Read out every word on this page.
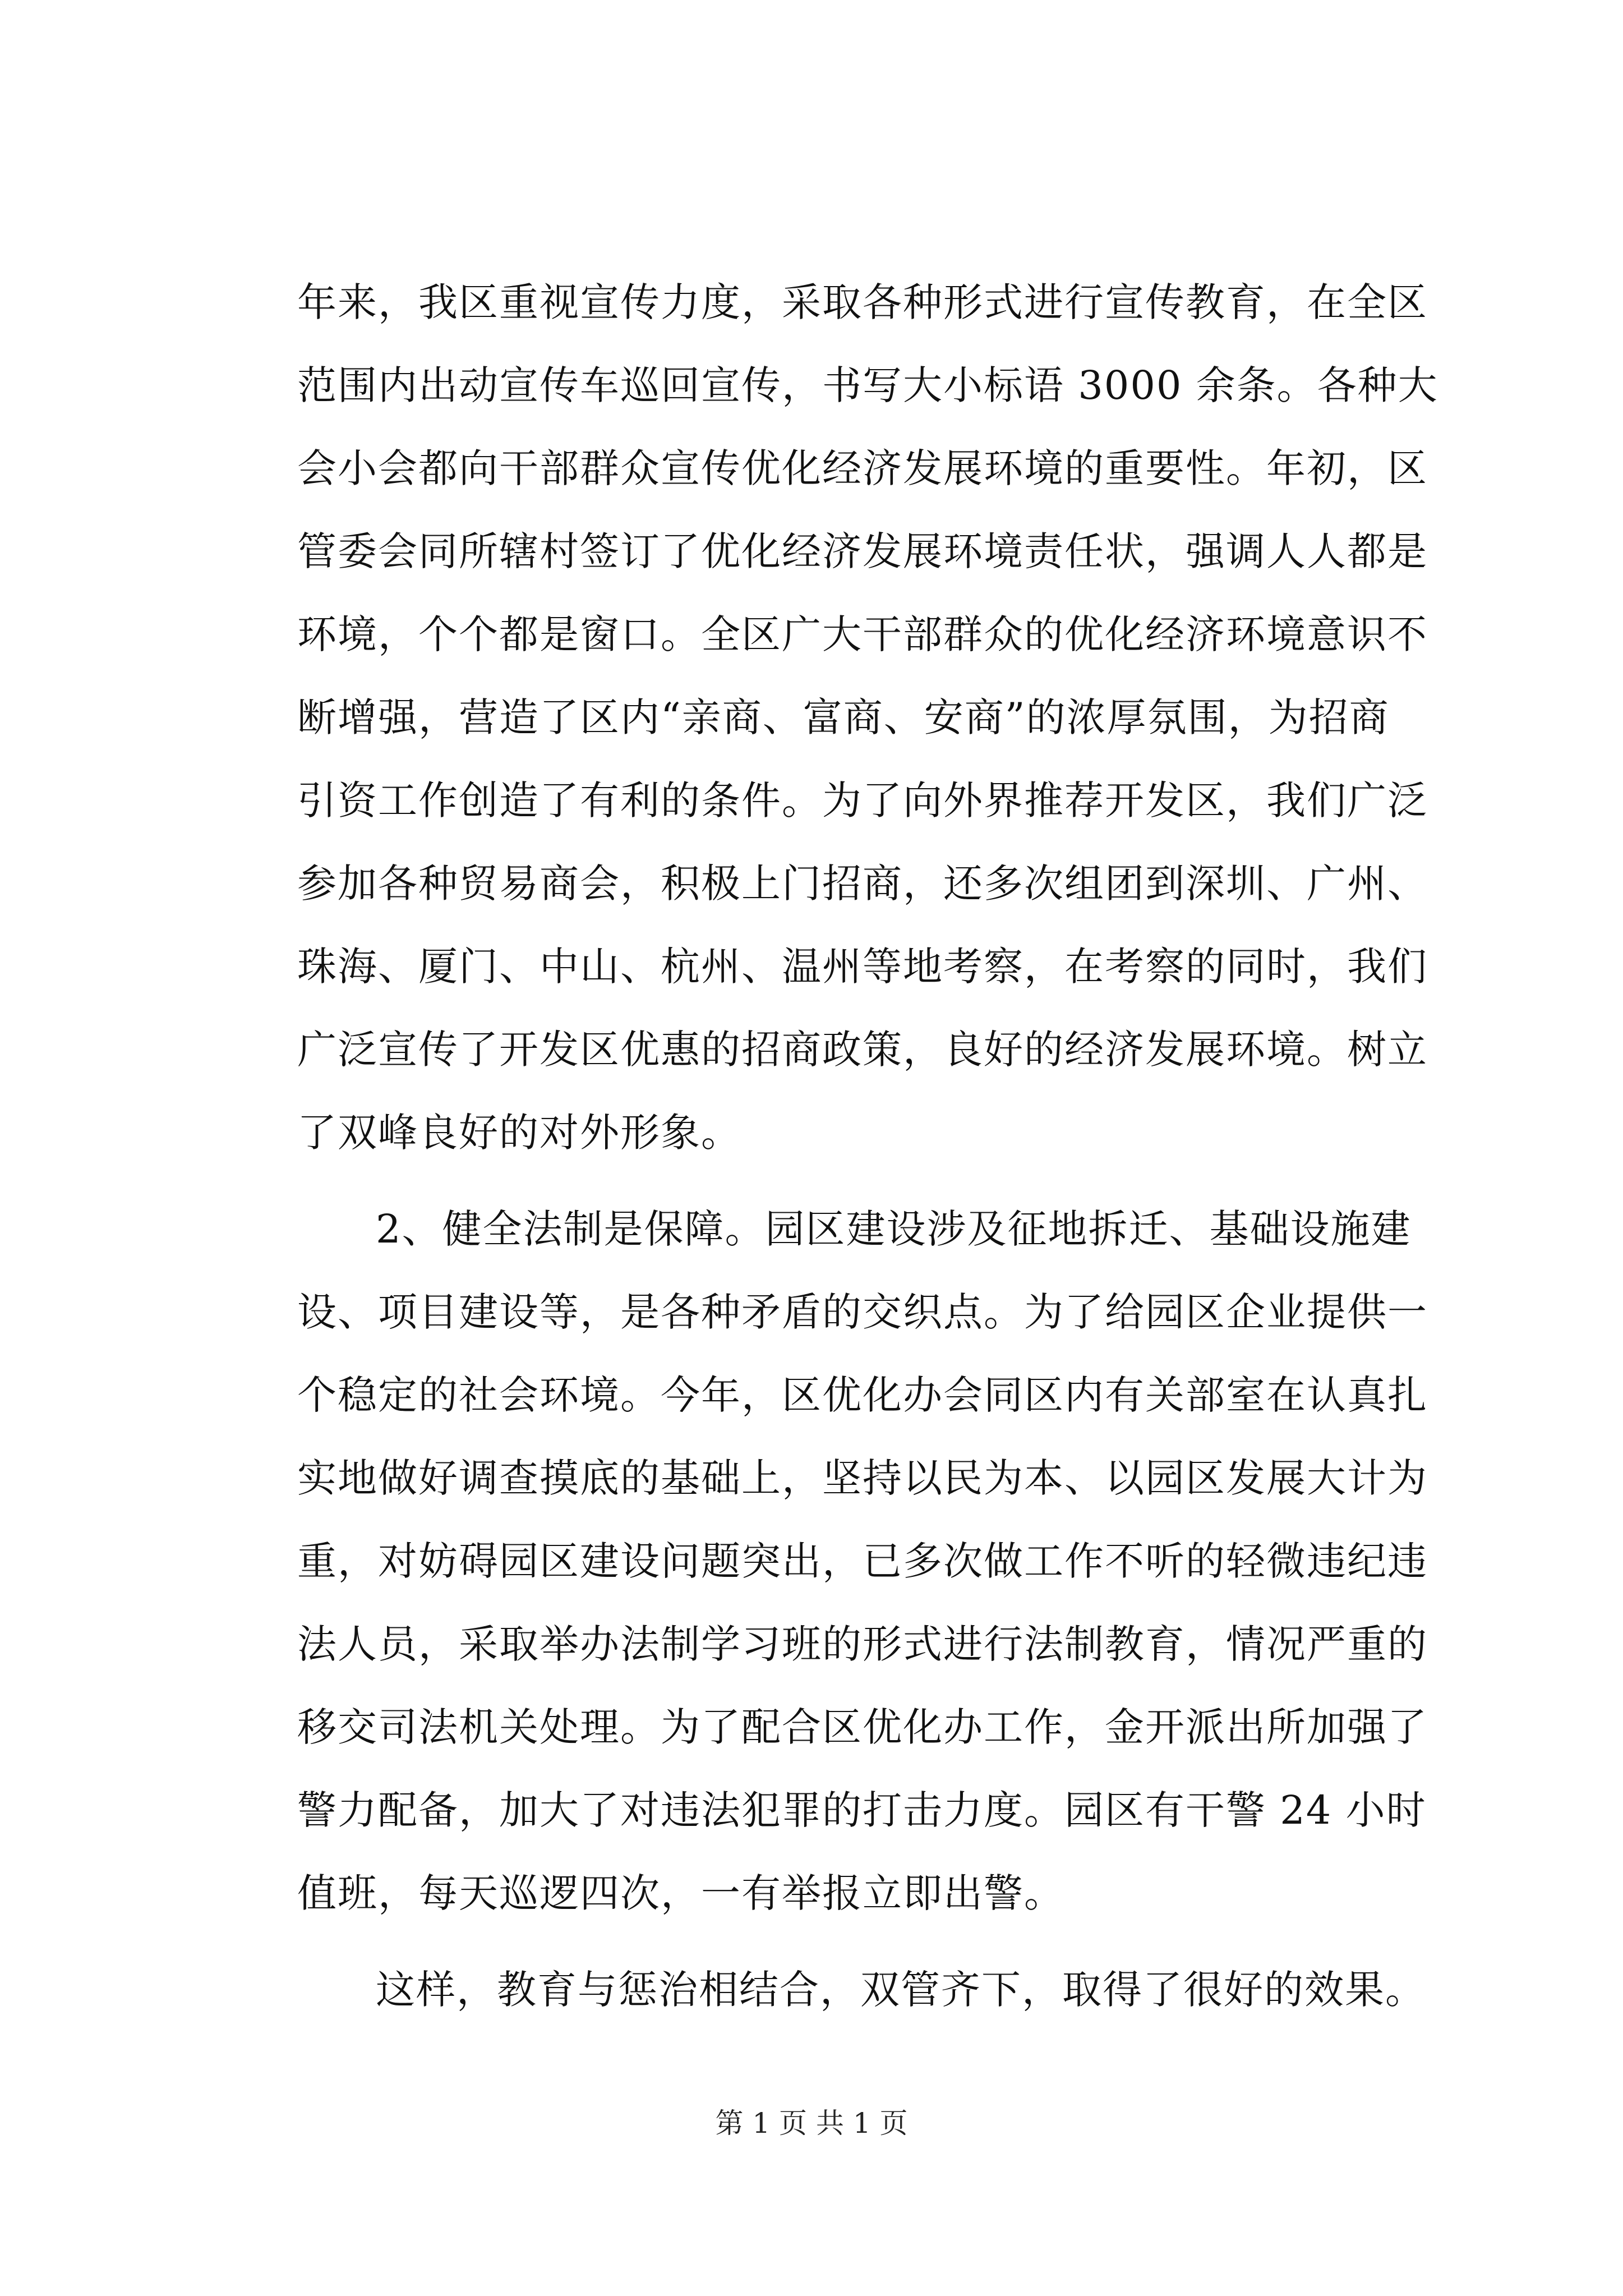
年来，我区重视宣传力度，采取各种形式进行宣传教育，在全区
范围内出动宣传车巡回宣传，书写大小标语 3000 余条。各种大
会小会都向干部群众宣传优化经济发展环境的重要性。年初，区
管委会同所辖村签订了优化经济发展环境责任状，强调人人都是
环境，个个都是窗口。全区广大干部群众的优化经济环境意识不
断增强，营造了区内“亲商、富商、安商”的浓厚氛围，为招商
引资工作创造了有利的条件。为了向外界推荐开发区，我们广泛
参加各种贸易商会，积极上门招商，还多次组团到深圳、广州、
珠海、厦门、中山、杭州、温州等地考察，在考察的同时，我们
广泛宣传了开发区优惠的招商政策，良好的经济发展环境。树立
了双峰良好的对外形象。
2、健全法制是保障。园区建设涉及征地拆迁、基础设施建
设、项目建设等，是各种矛盾的交织点。为了给园区企业提供一
个稳定的社会环境。今年，区优化办会同区内有关部室在认真扎
实地做好调查摸底的基础上，坚持以民为本、以园区发展大计为
重，对妨碍园区建设问题突出，已多次做工作不听的轻微违纪违
法人员，采取举办法制学习班的形式进行法制教育，情况严重的
移交司法机关处理。为了配合区优化办工作，金开派出所加强了
警力配备，加大了对违法犯罪的打击力度。园区有干警 24 小时
值班，每天巡逻四次，一有举报立即出警。
这样，教育与惩治相结合，双管齐下，取得了很好的效果。
第 1 页 共 1 页
